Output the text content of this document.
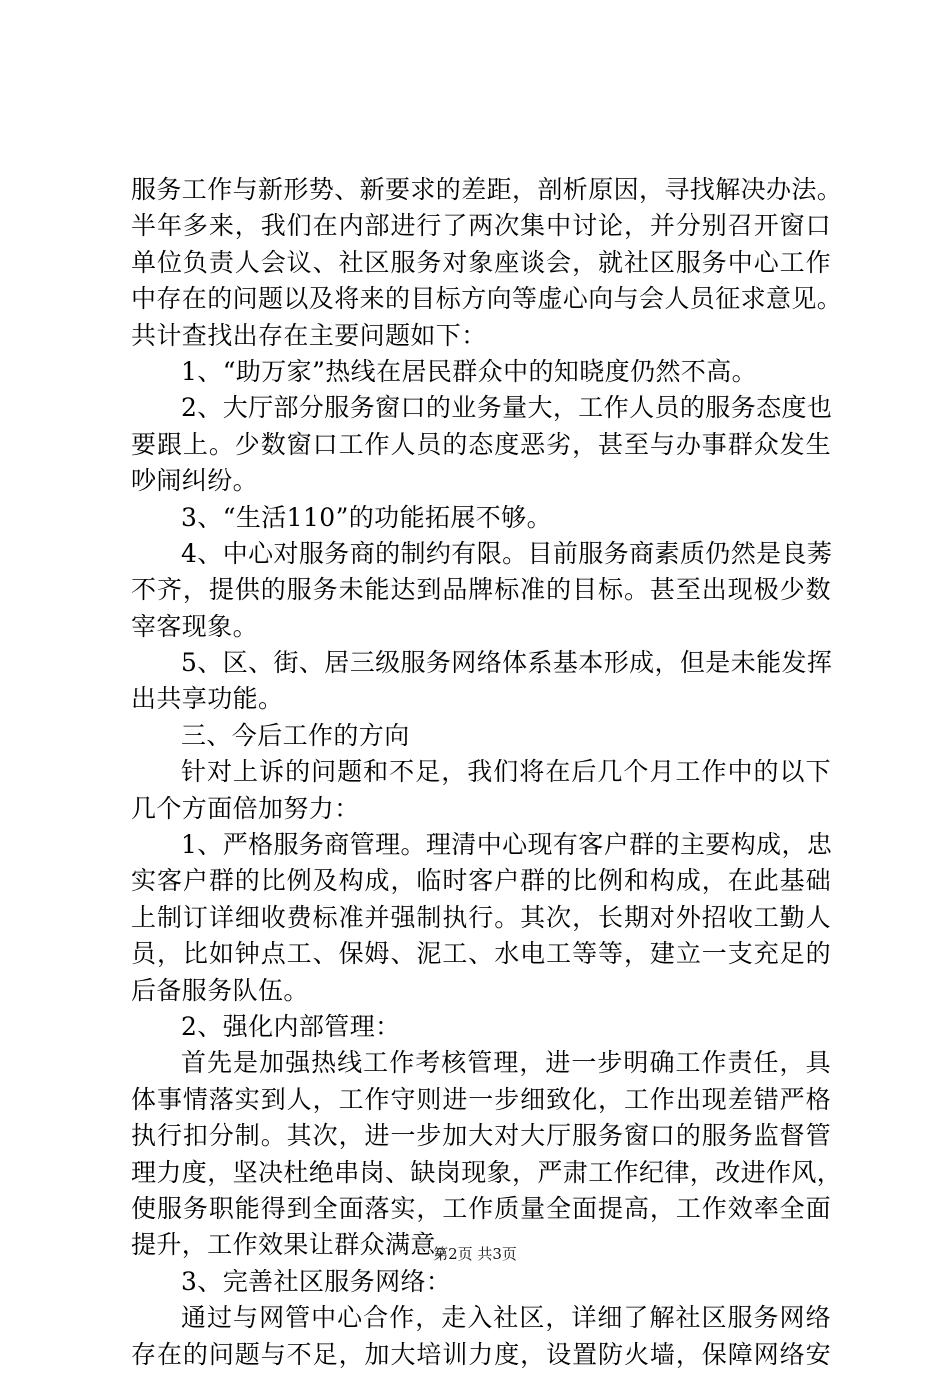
服务工作与新形势、新要求的差距，剖析原因，寻找解决办法。
半年多来，我们在内部进行了两次集中讨论，并分别召开窗口
单位负责人会议、社区服务对象座谈会，就社区服务中心工作
中存在的问题以及将来的目标方向等虚心向与会人员征求意见。
共计查找出存在主要问题如下：
1、“助万家”热线在居民群众中的知晓度仍然不高。
2、大厅部分服务窗口的业务量大，工作人员的服务态度也
要跟上。少数窗口工作人员的态度恶劣，甚至与办事群众发生
吵闹纠纷。
3、“生活110”的功能拓展不够。
4、中心对服务商的制约有限。目前服务商素质仍然是良莠
不齐，提供的服务未能达到品牌标准的目标。甚至出现极少数
宰客现象。
5、区、街、居三级服务网络体系基本形成，但是未能发挥
出共享功能。
三、今后工作的方向
针对上诉的问题和不足，我们将在后几个月工作中的以下
几个方面倍加努力：
1、严格服务商管理。理清中心现有客户群的主要构成，忠
实客户群的比例及构成，临时客户群的比例和构成，在此基础
上制订详细收费标准并强制执行。其次，长期对外招收工勤人
员，比如钟点工、保姆、泥工、水电工等等，建立一支充足的
后备服务队伍。
2、强化内部管理：
首先是加强热线工作考核管理，进一步明确工作责任，具
体事情落实到人，工作守则进一步细致化，工作出现差错严格
执行扣分制。其次，进一步加大对大厅服务窗口的服务监督管
理力度，坚决杜绝串岗、缺岗现象，严肃工作纪律，改进作风，
使服务职能得到全面落实，工作质量全面提高，工作效率全面
提升，工作效果让群众满意。
3、完善社区服务网络：
通过与网管中心合作，走入社区，详细了解社区服务网络
存在的问题与不足，加大培训力度，设置防火墙，保障网络安
第2页 共3页
